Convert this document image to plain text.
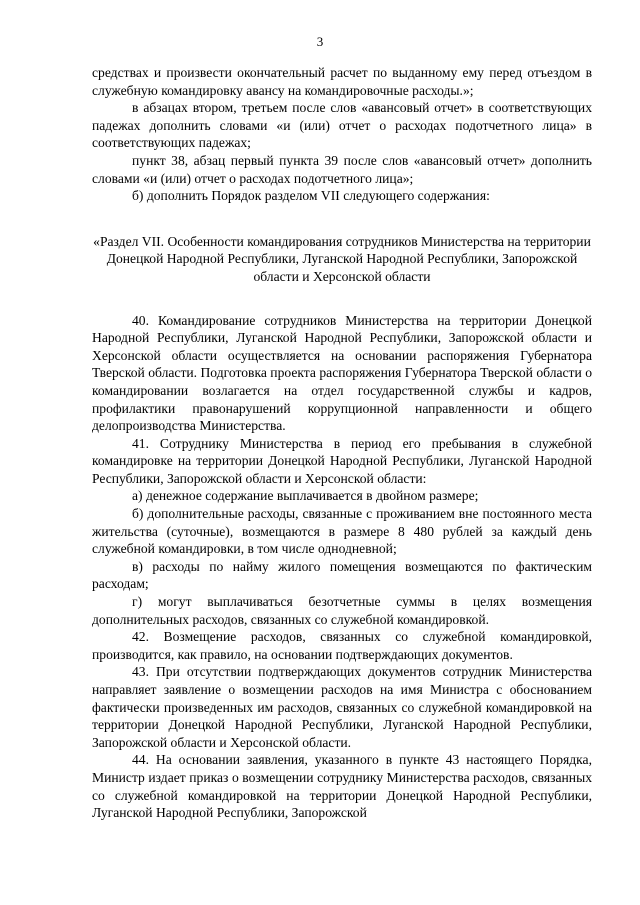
3

средствах и произвести окончательный расчет по выданному ему перед отъездом в служебную командировку авансу на командировочные расходы.»;

в абзацах втором, третьем после слов «авансовый отчет» в соответствующих падежах дополнить словами «и (или) отчет о расходах подотчетного лица» в соответствующих падежах;

пункт 38, абзац первый пункта 39 после слов «авансовый отчет» дополнить словами «и (или) отчет о расходах подотчетного лица»;

б) дополнить Порядок разделом VII следующего содержания:

«Раздел VII. Особенности командирования сотрудников Министерства на территории Донецкой Народной Республики, Луганской Народной Республики, Запорожской области и Херсонской области

40. Командирование сотрудников Министерства на территории Донецкой Народной Республики, Луганской Народной Республики, Запорожской области и Херсонской области осуществляется на основании распоряжения Губернатора Тверской области. Подготовка проекта распоряжения Губернатора Тверской области о командировании возлагается на отдел государственной службы и кадров, профилактики правонарушений коррупционной направленности и общего делопроизводства Министерства.

41. Сотруднику Министерства в период его пребывания в служебной командировке на территории Донецкой Народной Республики, Луганской Народной Республики, Запорожской области и Херсонской области:

а) денежное содержание выплачивается в двойном размере;

б) дополнительные расходы, связанные с проживанием вне постоянного места жительства (суточные), возмещаются в размере 8 480 рублей за каждый день служебной командировки, в том числе однодневной;

в) расходы по найму жилого помещения возмещаются по фактическим расходам;

г) могут выплачиваться безотчетные суммы в целях возмещения дополнительных расходов, связанных со служебной командировкой.

42. Возмещение расходов, связанных со служебной командировкой, производится, как правило, на основании подтверждающих документов.

43. При отсутствии подтверждающих документов сотрудник Министерства направляет заявление о возмещении расходов на имя Министра с обоснованием фактически произведенных им расходов, связанных со служебной командировкой на территории Донецкой Народной Республики, Луганской Народной Республики, Запорожской области и Херсонской области.

44. На основании заявления, указанного в пункте 43 настоящего Порядка, Министр издает приказ о возмещении сотруднику Министерства расходов, связанных со служебной командировкой на территории Донецкой Народной Республики, Луганской Народной Республики, Запорожской
